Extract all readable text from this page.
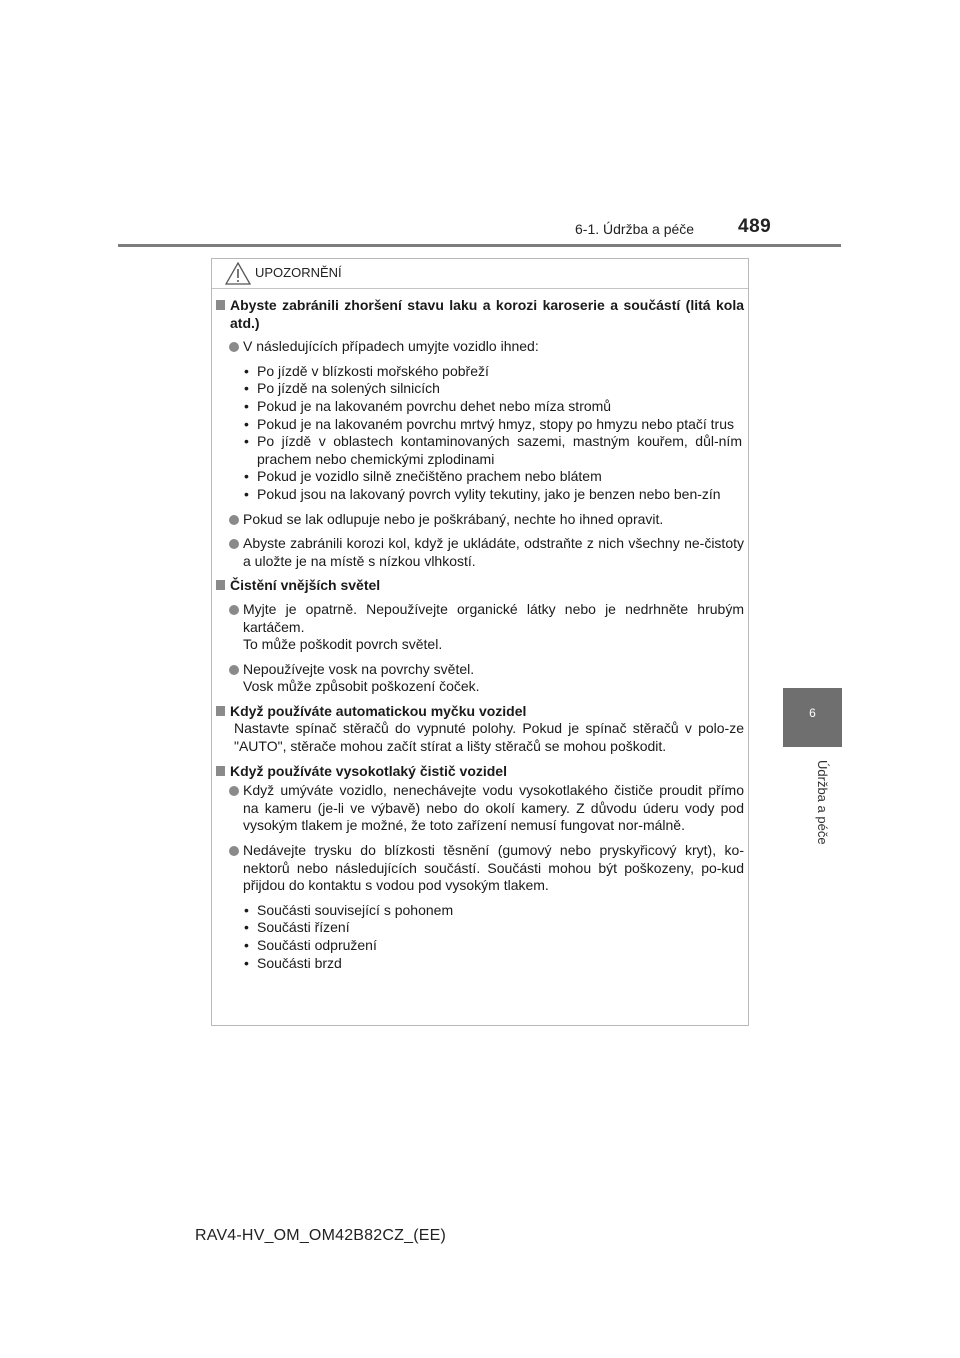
6-1. Údržba a péče 489
6
Údržba a péče
UPOZORNĚNÍ
Abyste zabránili zhoršení stavu laku a korozi karoserie a součástí (litá kola atd.)
V následujících případech umyjte vozidlo ihned:
• Po jízdě v blízkosti mořského pobřeží
• Po jízdě na solených silnicích
• Pokud je na lakovaném povrchu dehet nebo míza stromů
• Pokud je na lakovaném povrchu mrtvý hmyz, stopy po hmyzu nebo ptačí trus
• Po jízdě v oblastech kontaminovaných sazemi, mastným kouřem, důl-ním prachem nebo chemickými zplodinami
• Pokud je vozidlo silně znečištěno prachem nebo blátem
• Pokud jsou na lakovaný povrch vylity tekutiny, jako je benzen nebo ben-zín
Pokud se lak odlupuje nebo je poškrábaný, nechte ho ihned opravit.
Abyste zabránili korozi kol, když je ukládáte, odstraňte z nich všechny ne-čistoty a uložte je na místě s nízkou vlhkostí.
Čistění vnějších světel
Myjte je opatrně. Nepoužívejte organické látky nebo je nedrhněte hrubým kartáčem.
To může poškodit povrch světel.
Nepoužívejte vosk na povrchy světel.
Vosk může způsobit poškození čoček.
Když používáte automatickou myčku vozidel
Nastavte spínač stěračů do vypnuté polohy. Pokud je spínač stěračů v polo-ze "AUTO", stěrače mohou začít stírat a lišty stěračů se mohou poškodit.
Když používáte vysokotlaký čistič vozidel
Když umýváte vozidlo, nenechávejte vodu vysokotlakého čističe proudit přímo na kameru (je-li ve výbavě) nebo do okolí kamery. Z důvodu úderu vody pod vysokým tlakem je možné, že toto zařízení nemusí fungovat nor-málně.
Nedávejte trysku do blízkosti těsnění (gumový nebo pryskyřicový kryt), ko-nektorů nebo následujících součástí. Součásti mohou být poškozeny, po-kud přijdou do kontaktu s vodou pod vysokým tlakem.
• Součásti související s pohonem
• Součásti řízení
• Součásti odpružení
• Součásti brzd
RAV4-HV_OM_OM42B82CZ_(EE)
